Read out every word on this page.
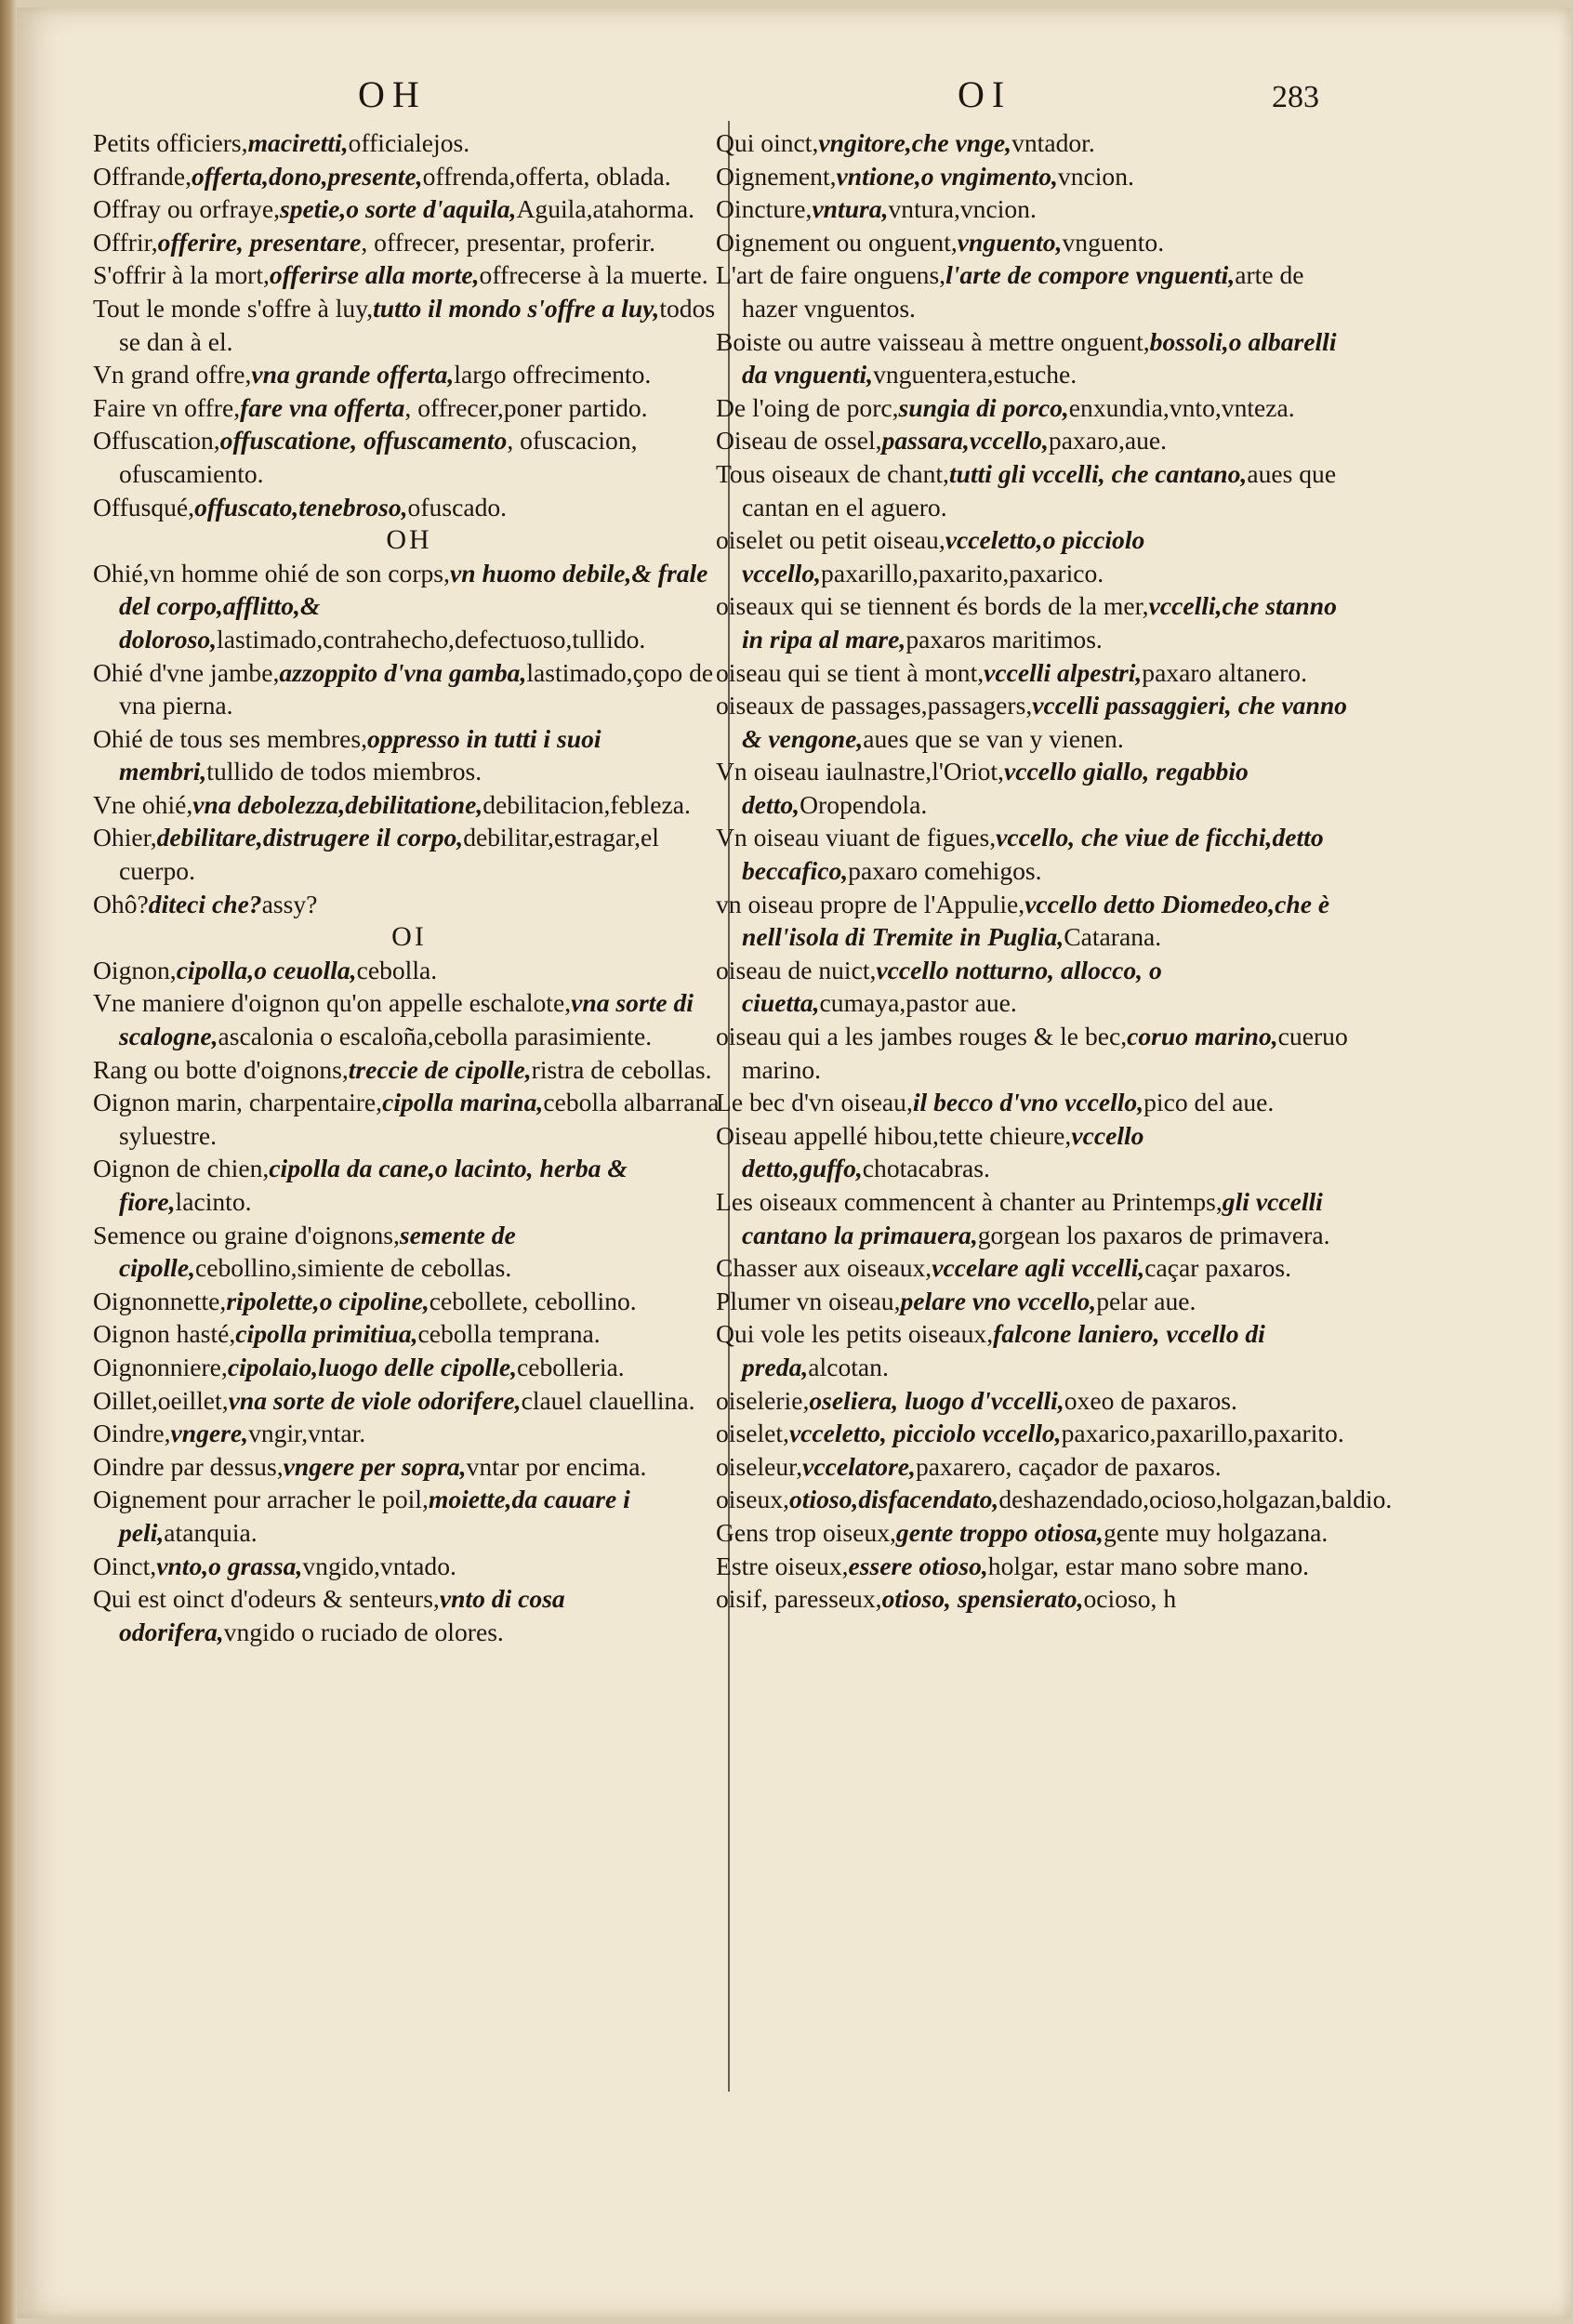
OH	OI	283

Petits officiers,maciretti,officialejos.

Offrande,offerta,dono,presente,offrenda,offerta, oblada.

Offray ou orfraye,spetie,o sorte d'aquila,Aguila,atahorma.

Offrir,offerire, presentare, offrecer, presentar, proferir.

S'offrir à la mort,offerirse alla morte,offrecerse à la muerte.

Tout le monde s'offre à luy,tutto il mondo s'offre a luy,todos se dan à el.

Vn grand offre,vna grande offerta,largo offrecimento.

Faire vn offre,fare vna offerta, offrecer,poner partido.

Offuscation,offuscatione, offuscamento, ofuscacion, ofuscamiento.

Offusqué,offuscato,tenebroso,ofuscado.

OH

Ohié,vn homme ohié de son corps,vn huomo debile,& frale del corpo,afflitto,& doloroso,lastimado,contrahecho,defectuoso,tullido.

Ohié d'vne jambe,azzoppito d'vna gamba,lastimado,çopo de vna pierna.

Ohié de tous ses membres,oppresso in tutti i suoi membri,tullido de todos miembros.

Vne ohié,vna debolezza,debilitatione,debilitacion,febleza.

Ohier,debilitare,distrugere il corpo,debilitar,estragar,el cuerpo.

Ohô?diteci che?assy?

OI

Oignon,cipolla,o ceuolla,cebolla.

Vne maniere d'oignon qu'on appelle eschalote,vna sorte di scalogne,ascalonia o escaloña,cebolla parasimiente.

Rang ou botte d'oignons,treccie de cipolle,ristra de cebollas.

Oignon marin, charpentaire,cipolla marina,cebolla albarrana syluestre.

Oignon de chien,cipolla da cane,o lacinto, herba & fiore,lacinto.

Semence ou graine d'oignons,semente de cipolle,cebollino,simiente de cebollas.

Oignonnette,ripolette,o cipoline,cebollete, cebollino.

Oignon hasté,cipolla primitiua,cebolla temprana.

Oignonniere,cipolaio,luogo delle cipolle,cebolleria.

Oillet,oeillet,vna sorte de viole odorifere,clauel clauellina.

Oindre,vngere,vngir,vntar.

Oindre par dessus,vngere per sopra,vntar por encima.

Oignement pour arracher le poil,moiette,da cauare i peli,atanquia.

Oinct,vnto,o grassa,vngido,vntado.

Qui est oinct d'odeurs & senteurs,vnto di cosa odorifera,vngido o ruciado de olores.

Qui oinct,vngitore,che vnge,vntador.

Oignement,vntione,o vngimento,vncion.

Oincture,vntura,vntura,vncion.

Oignement ou onguent,vnguento,vnguento.

L'art de faire onguens,l'arte de compore vnguenti,arte de hazer vnguentos.

Boiste ou autre vaisseau à mettre onguent,bossoli,o albarelli da vnguenti,vnguentera,estuche.

De l'oing de porc,sungia di porco,enxundia,vnto,vnteza.

Oiseau de ossel,passara,vccello,paxaro,aue.

Tous oiseaux de chant,tutti gli vccelli, che cantano,aues que cantan en el aguero.

oiselet ou petit oiseau,vcceletto,o picciolo vccello,paxarillo,paxarito,paxarico.

oiseaux qui se tiennent és bords de la mer,vccelli,che stanno in ripa al mare,paxaros maritimos.

oiseau qui se tient à mont,vccelli alpestri,paxaro altanero.

oiseaux de passages,passagers,vccelli passaggieri, che vanno & vengone,aues que se van y vienen.

Vn oiseau iaulnastre,l'Oriot,vccello giallo, regabbio detto,Oropendola.

Vn oiseau viuant de figues,vccello, che viue de ficchi,detto beccafico,paxaro comehigos.

vn oiseau propre de l'Appulie,vccello detto Diomedeo,che è nell'isola di Tremite in Puglia,Catarana.

oiseau de nuict,vccello notturno, allocco, o ciuetta,cumaya,pastor aue.

oiseau qui a les jambes rouges & le bec,coruo marino,cueruo marino.

Le bec d'vn oiseau,il becco d'vno vccello,pico del aue.

Oiseau appellé hibou,tette chieure,vccello detto,guffo,chotacabras.

Les oiseaux commencent à chanter au Printemps,gli vccelli cantano la primauera,gorgean los paxaros de primavera.

Chasser aux oiseaux,vccelare agli vccelli,caçar paxaros.

Plumer vn oiseau,pelare vno vccello,pelar aue.

Qui vole les petits oiseaux,falcone laniero, vccello di preda,alcotan.

oiselerie,oseliera, luogo d'vccelli,oxeo de paxaros.

oiselet,vcceletto, picciolo vccello,paxarico,paxarillo,paxarito.

oiseleur,vccelatore,paxarero, caçador de paxaros.

oiseux,otioso,disfacendato,deshazendado,ocioso,holgazan,baldio.

Gens trop oiseux,gente troppo otiosa,gente muy holgazana.

Estre oiseux,essere otioso,holgar, estar mano sobre mano.

oisif, paresseux,otioso, spensierato,ocioso, h
